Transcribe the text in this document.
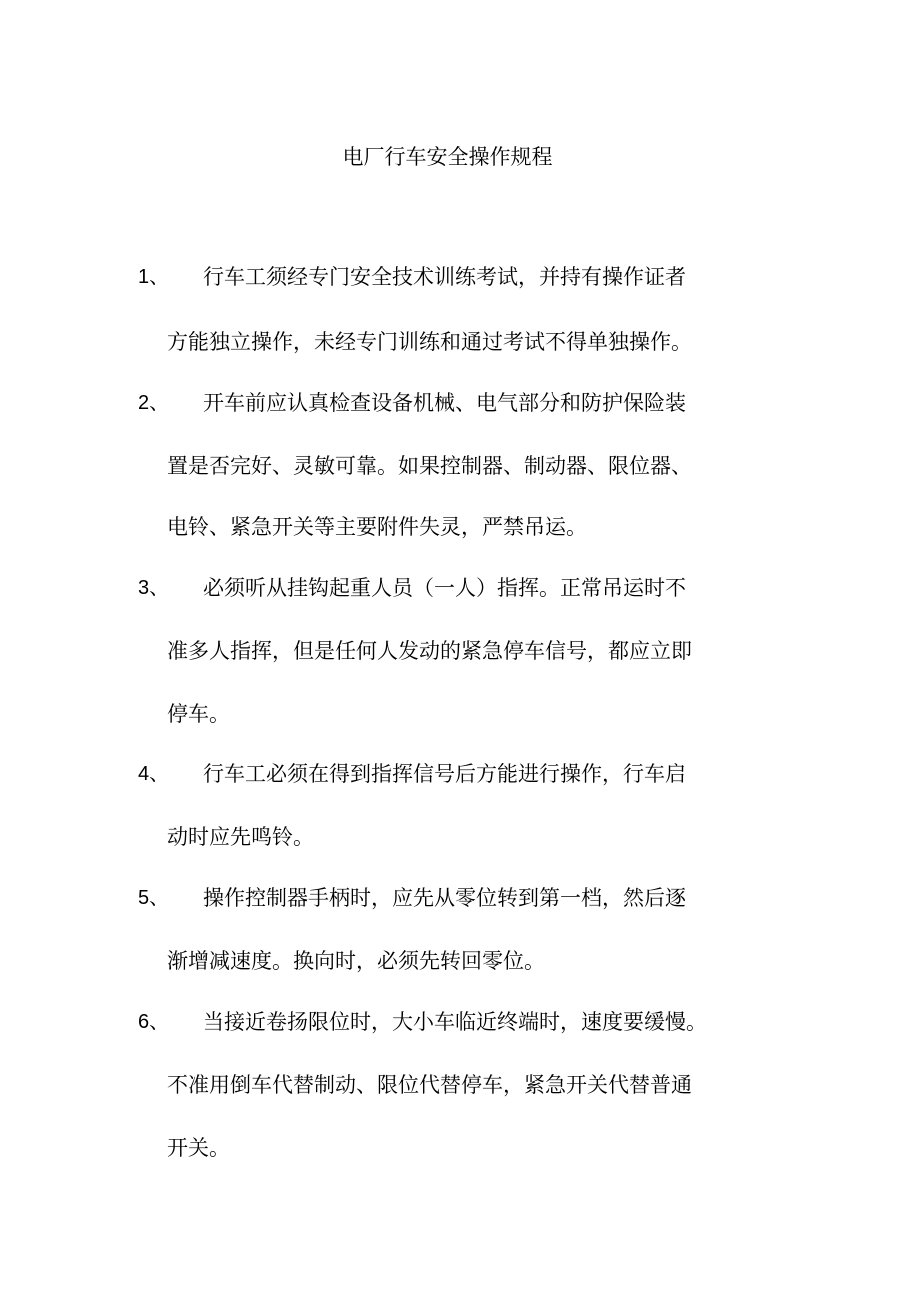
电厂行车安全操作规程
1、 行车工须经专门安全技术训练考试，并持有操作证者
方能独立操作，未经专门训练和通过考试不得单独操作。
2、 开车前应认真检查设备机械、电气部分和防护保险装
置是否完好、灵敏可靠。如果控制器、制动器、限位器、
电铃、紧急开关等主要附件失灵，严禁吊运。
3、 必须听从挂钩起重人员（一人）指挥。正常吊运时不
准多人指挥，但是任何人发动的紧急停车信号，都应立即
停车。
4、 行车工必须在得到指挥信号后方能进行操作，行车启
动时应先鸣铃。
5、 操作控制器手柄时，应先从零位转到第一档，然后逐
渐增减速度。换向时，必须先转回零位。
6、 当接近卷扬限位时，大小车临近终端时，速度要缓慢。
不准用倒车代替制动、限位代替停车，紧急开关代替普通
开关。
